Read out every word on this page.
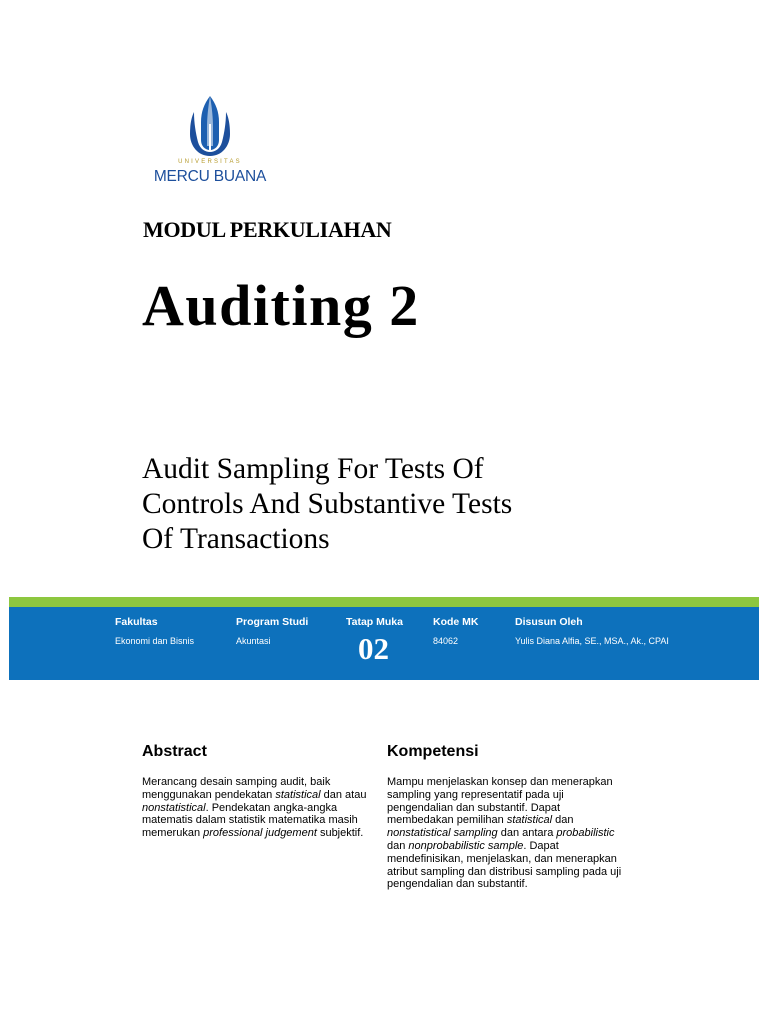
UNIVERSITAS
MERCU BUANA
MODUL PERKULIAHAN
Auditing 2
Audit Sampling For Tests Of
Controls And Substantive Tests
Of Transactions
Fakultas
Ekonomi dan Bisnis
Program Studi
Akuntasi
Tatap Muka
02
Kode MK
84062
Disusun Oleh
Yulis Diana Alfia, SE., MSA., Ak., CPAI
Abstract
Merancang desain samping audit, baik menggunakan pendekatan statistical dan atau nonstatistical. Pendekatan angka-angka matematis dalam statistik matematika masih memerukan professional judgement subjektif.
Kompetensi
Mampu menjelaskan konsep dan menerapkan sampling yang representatif pada uji pengendalian dan substantif. Dapat membedakan pemilihan statistical dan nonstatistical sampling dan antara probabilistic dan nonprobabilistic sample. Dapat mendefinisikan, menjelaskan, dan menerapkan atribut sampling dan distribusi sampling pada uji pengendalian dan substantif.
